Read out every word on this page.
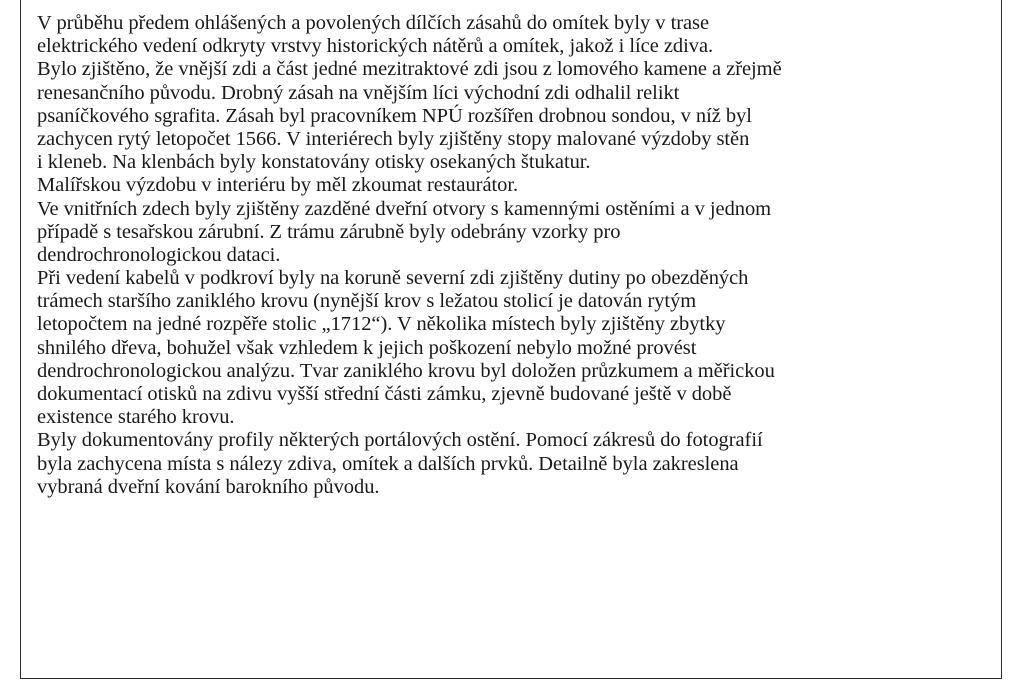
V průběhu předem ohlášených a povolených dílčích zásahů do omítek byly v trase
elektrického vedení odkryty vrstvy historických nátěrů a omítek, jakož i líce zdiva.
Bylo zjištěno, že vnější zdi a část jedné mezitraktové zdi jsou z lomového kamene a zřejmě
renesančního původu. Drobný zásah na vnějším líci východní zdi odhalil relikt
psaníčkového sgrafita. Zásah byl pracovníkem NPÚ rozšířen drobnou sondou, v níž byl
zachycen rytý letopočet 1566. V interiérech byly zjištěny stopy malované výzdoby stěn
i kleneb. Na klenbách byly konstatovány otisky osekaných štukatur.
Malířskou výzdobu v interiéru by měl zkoumat restaurátor.
Ve vnitřních zdech byly zjištěny zazděné dveřní otvory s kamennými ostěními a v jednom
případě s tesařskou zárubní. Z trámu zárubně byly odebrány vzorky pro
dendrochronologickou dataci.
Při vedení kabelů v podkroví byly na koruně severní zdi zjištěny dutiny po obezděných
trámech staršího zaniklého krovu (nynější krov s ležatou stolicí je datován rytým
letopočtem na jedné rozpěře stolic „1712“). V několika místech byly zjištěny zbytky
shnilého dřeva, bohužel však vzhledem k jejich poškození nebylo možné provést
dendrochronologickou analýzu. Tvar zaniklého krovu byl doložen průzkumem a měřickou
dokumentací otisků na zdivu vyšší střední části zámku, zjevně budované ještě v době
existence starého krovu.
Byly dokumentovány profily některých portálových ostění. Pomocí zákresů do fotografií
byla zachycena místa s nálezy zdiva, omítek a dalších prvků. Detailně byla zakreslena
vybraná dveřní kování barokního původu.
